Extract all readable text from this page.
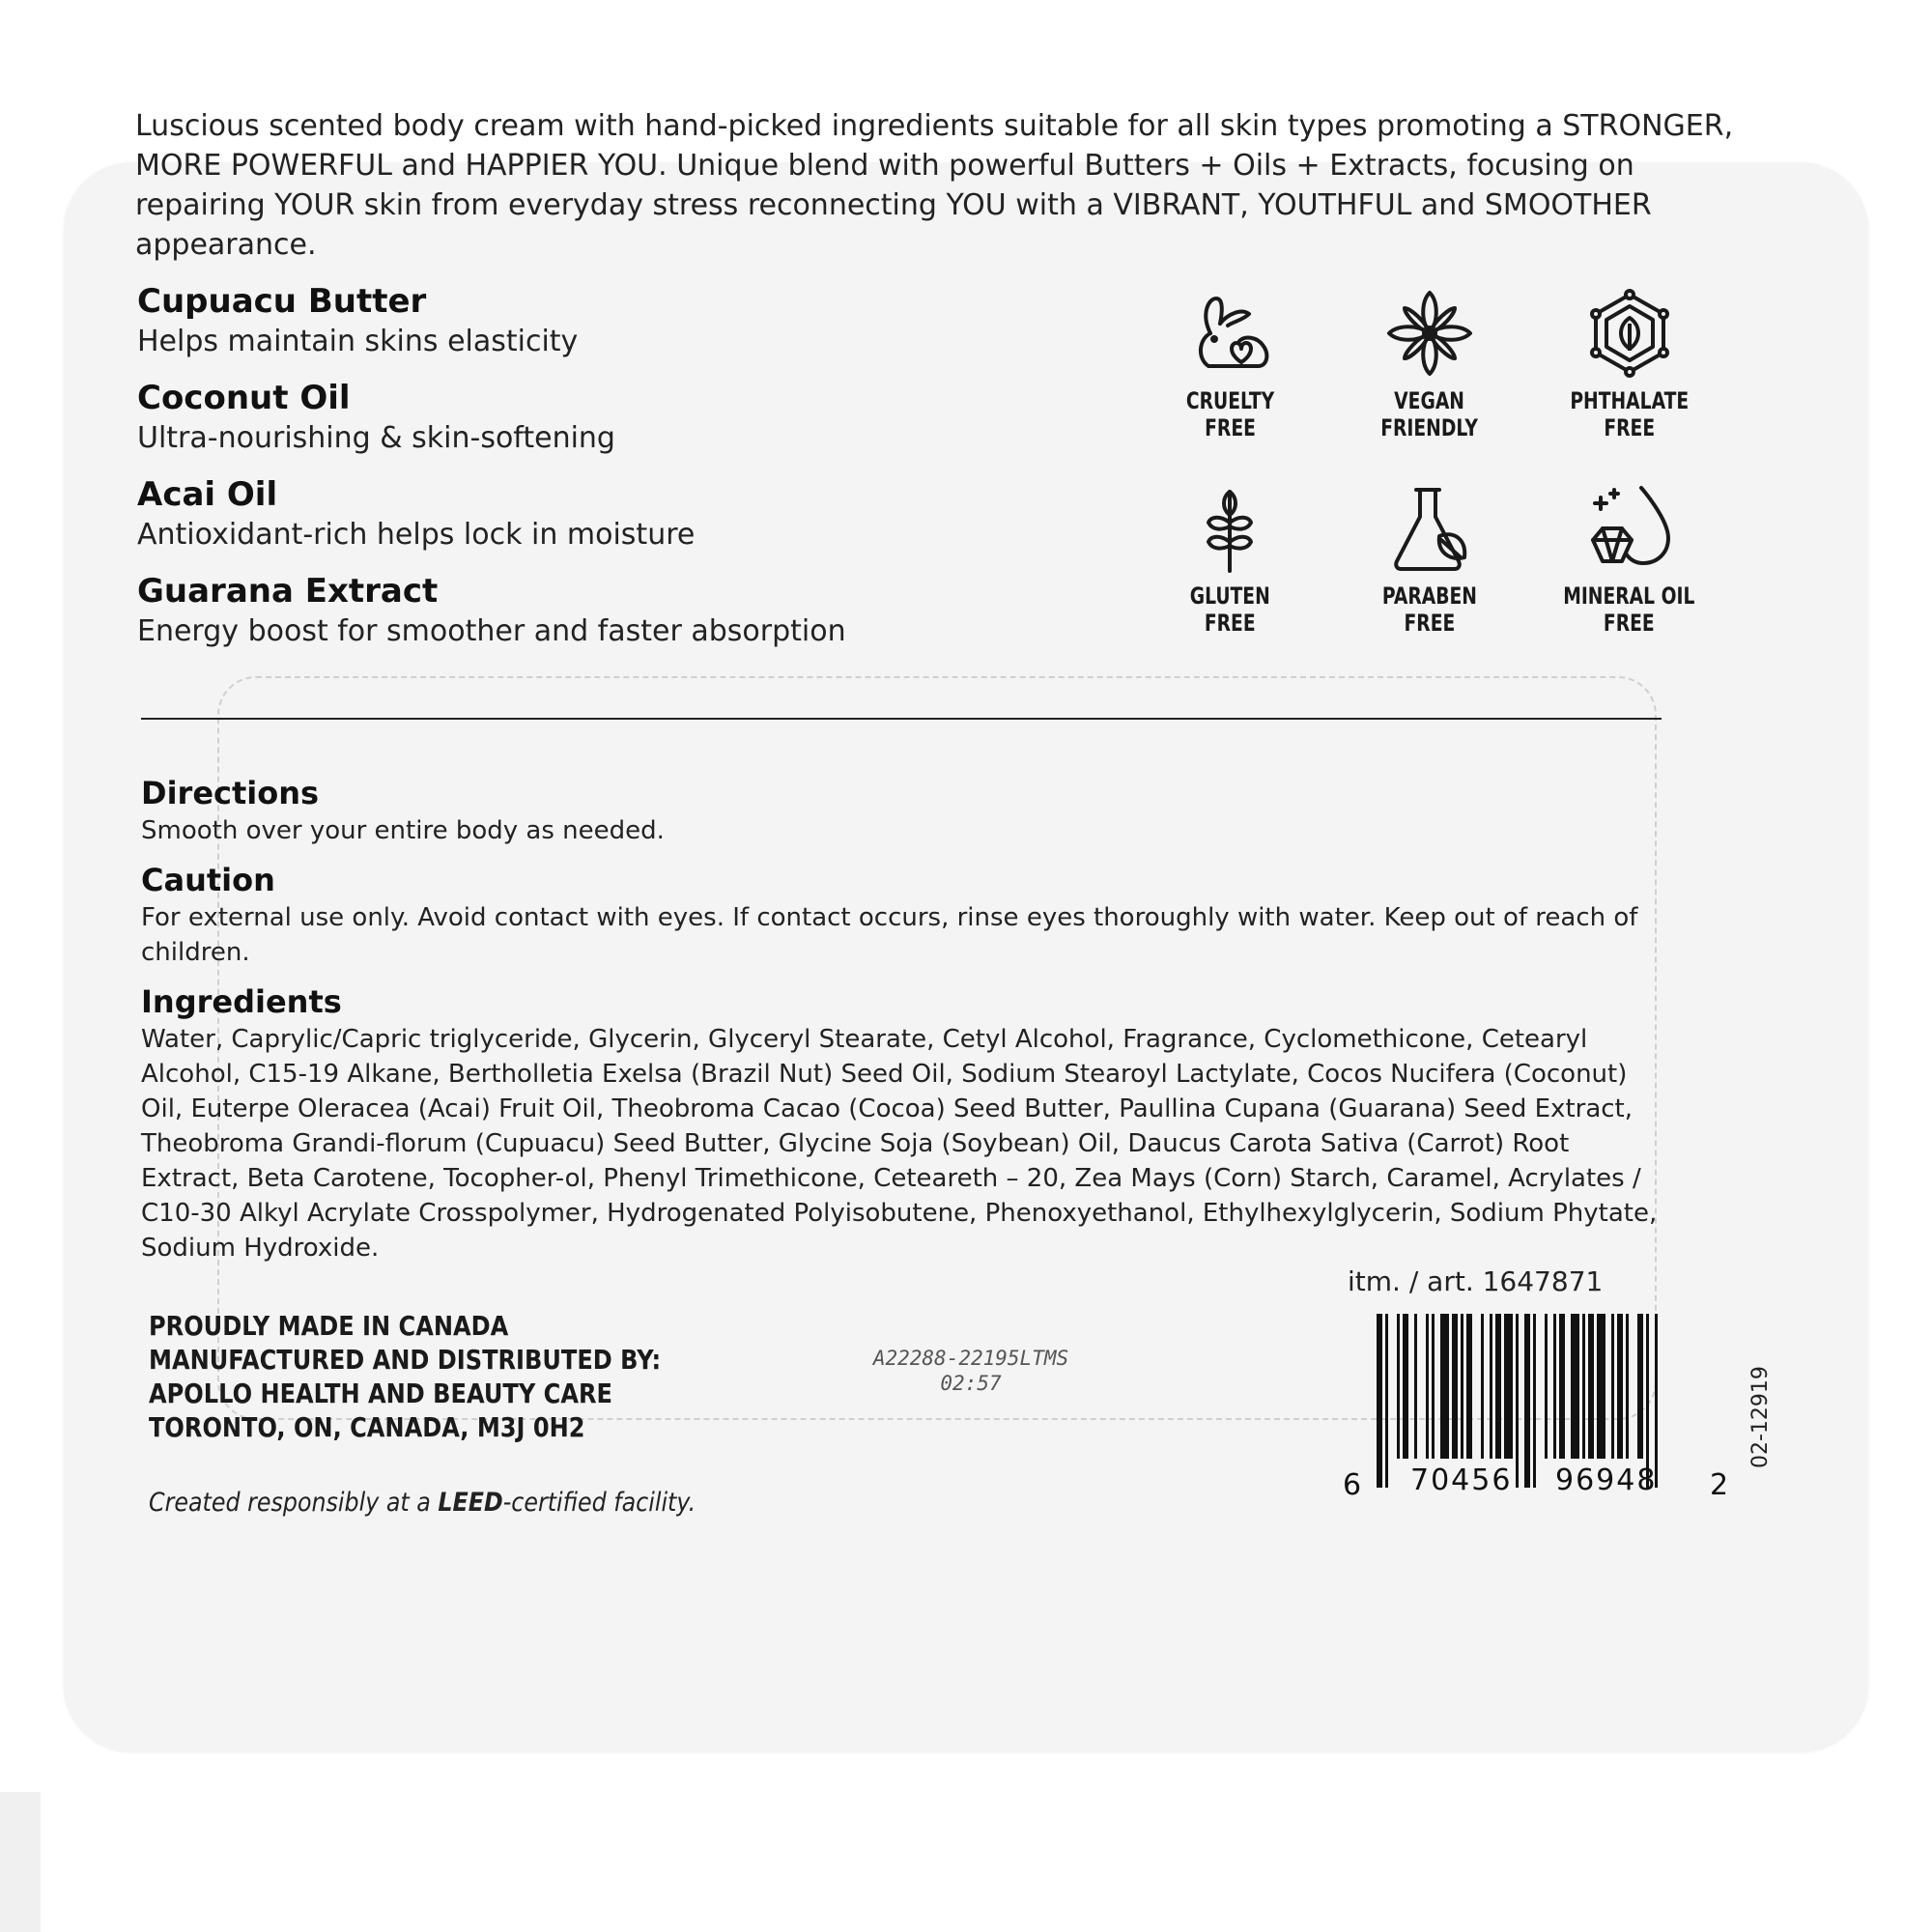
Luscious scented body cream with hand-picked ingredients suitable for all skin types promoting a STRONGER, MORE POWERFUL and HAPPIER YOU. Unique blend with powerful Butters + Oils + Extracts, focusing on repairing YOUR skin from everyday stress reconnecting YOU with a VIBRANT, YOUTHFUL and SMOOTHER appearance.
Cupuacu Butter
Helps maintain skins elasticity
Coconut Oil
Ultra-nourishing & skin-softening
Acai Oil
Antioxidant-rich helps lock in moisture
Guarana Extract
Energy boost for smoother and faster absorption
CRUELTY
FREE
VEGAN
FRIENDLY
PHTHALATE
FREE
GLUTEN
FREE
PARABEN
FREE
MINERAL OIL
FREE
Directions
Smooth over your entire body as needed.
Caution
For external use only. Avoid contact with eyes. If contact occurs, rinse eyes thoroughly with water. Keep out of reach of children.
Ingredients
Water, Caprylic/Capric triglyceride, Glycerin, Glyceryl Stearate, Cetyl Alcohol, Fragrance, Cyclomethicone, Cetearyl Alcohol, C15-19 Alkane, Bertholletia Exelsa (Brazil Nut) Seed Oil, Sodium Stearoyl Lactylate, Cocos Nucifera (Coconut) Oil, Euterpe Oleracea (Acai) Fruit Oil, Theobroma Cacao (Cocoa) Seed Butter, Paullina Cupana (Guarana) Seed Extract, Theobroma Grandi-florum (Cupuacu) Seed Butter, Glycine Soja (Soybean) Oil, Daucus Carota Sativa (Carrot) Root Extract, Beta Carotene, Tocopher-ol, Phenyl Trimethicone, Ceteareth – 20, Zea Mays (Corn) Starch, Caramel, Acrylates / C10-30 Alkyl Acrylate Crosspolymer, Hydrogenated Polyisobutene, Phenoxyethanol, Ethylhexylglycerin, Sodium Phytate, Sodium Hydroxide.
itm. / art. 1647871
PROUDLY MADE IN CANADA
MANUFACTURED AND DISTRIBUTED BY:
APOLLO HEALTH AND BEAUTY CARE
TORONTO, ON, CANADA, M3J 0H2
A22288-22195LTMS
02:57
Created responsibly at a LEED-certified facility.
6 70456 96948 2
02-12919
